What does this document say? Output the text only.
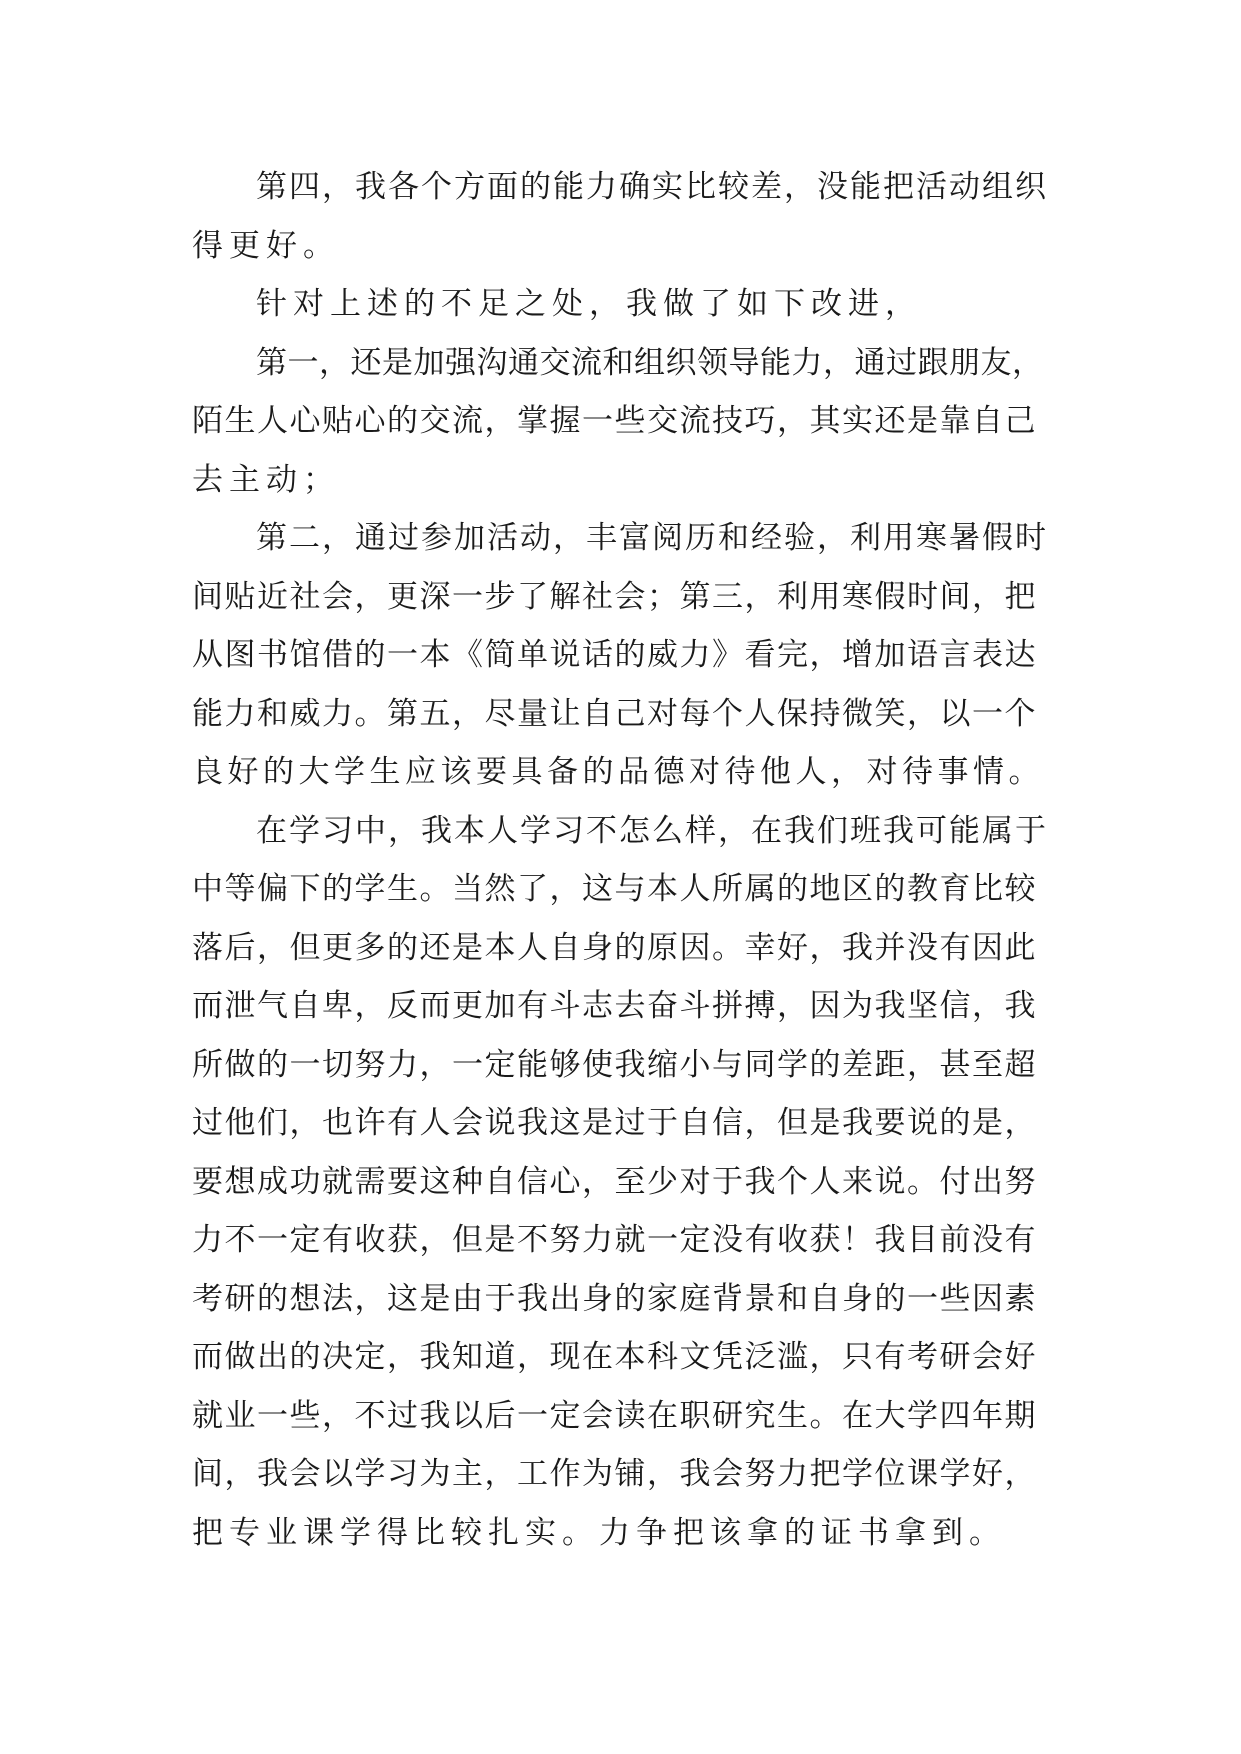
第四，我各个方面的能力确实比较差，没能把活动组织
得更好。
针对上述的不足之处，我做了如下改进，
第一，还是加强沟通交流和组织领导能力，通过跟朋友，
陌生人心贴心的交流，掌握一些交流技巧，其实还是靠自己
去主动；
第二，通过参加活动，丰富阅历和经验，利用寒暑假时
间贴近社会，更深一步了解社会；第三，利用寒假时间，把
从图书馆借的一本《简单说话的威力》看完，增加语言表达
能力和威力。第五，尽量让自己对每个人保持微笑，以一个
良好的大学生应该要具备的品德对待他人，对待事情。
在学习中，我本人学习不怎么样，在我们班我可能属于
中等偏下的学生。当然了，这与本人所属的地区的教育比较
落后，但更多的还是本人自身的原因。幸好，我并没有因此
而泄气自卑，反而更加有斗志去奋斗拼搏，因为我坚信，我
所做的一切努力，一定能够使我缩小与同学的差距，甚至超
过他们，也许有人会说我这是过于自信，但是我要说的是，
要想成功就需要这种自信心，至少对于我个人来说。付出努
力不一定有收获，但是不努力就一定没有收获！我目前没有
考研的想法，这是由于我出身的家庭背景和自身的一些因素
而做出的决定，我知道，现在本科文凭泛滥，只有考研会好
就业一些，不过我以后一定会读在职研究生。在大学四年期
间，我会以学习为主，工作为铺，我会努力把学位课学好，
把专业课学得比较扎实。力争把该拿的证书拿到。
